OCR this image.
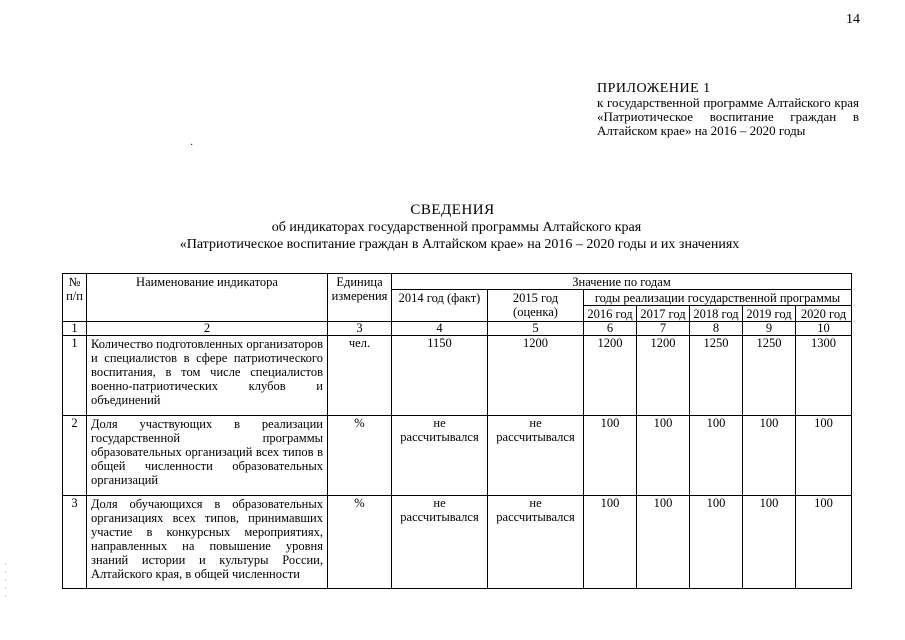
14
ПРИЛОЖЕНИЕ 1
к государственной программе Алтайского края «Патриотическое воспитание граждан в Алтайском крае» на 2016 – 2020 годы
·
СВЕДЕНИЯ
об индикаторах государственной программы Алтайского края
«Патриотическое воспитание граждан в Алтайском крае» на 2016 – 2020 годы и их значениях
№ п/п	Наименование индикатора	Единица измерения	Значение по годам						
			2014 год (факт)	2015 год (оценка)	годы реализации государственной программы				
					2016 год	2017 год	2018 год	2019 год	2020 год
1	2	3	4	5	6	7	8	9	10
1	Количество подготовленных организаторов и специалистов в сфере патриотического воспитания, в том числе специалистов военно-патриотических клубов и объединений	чел.	1150	1200	1200	1200	1250	1250	1300
2	Доля участвующих в реализации государственной программы образовательных организаций всех типов в общей численности образовательных организаций	%	не рассчитывался	не рассчитывался	100	100	100	100	100
3	Доля обучающихся в образовательных организациях всех типов, принимавших участие в конкурсных мероприятиях, направленных на повышение уровня знаний истории и культуры России, Алтайского края, в общей численности	%	не рассчитывался	не рассчитывался	100	100	100	100	100
·
·
·
·
·
